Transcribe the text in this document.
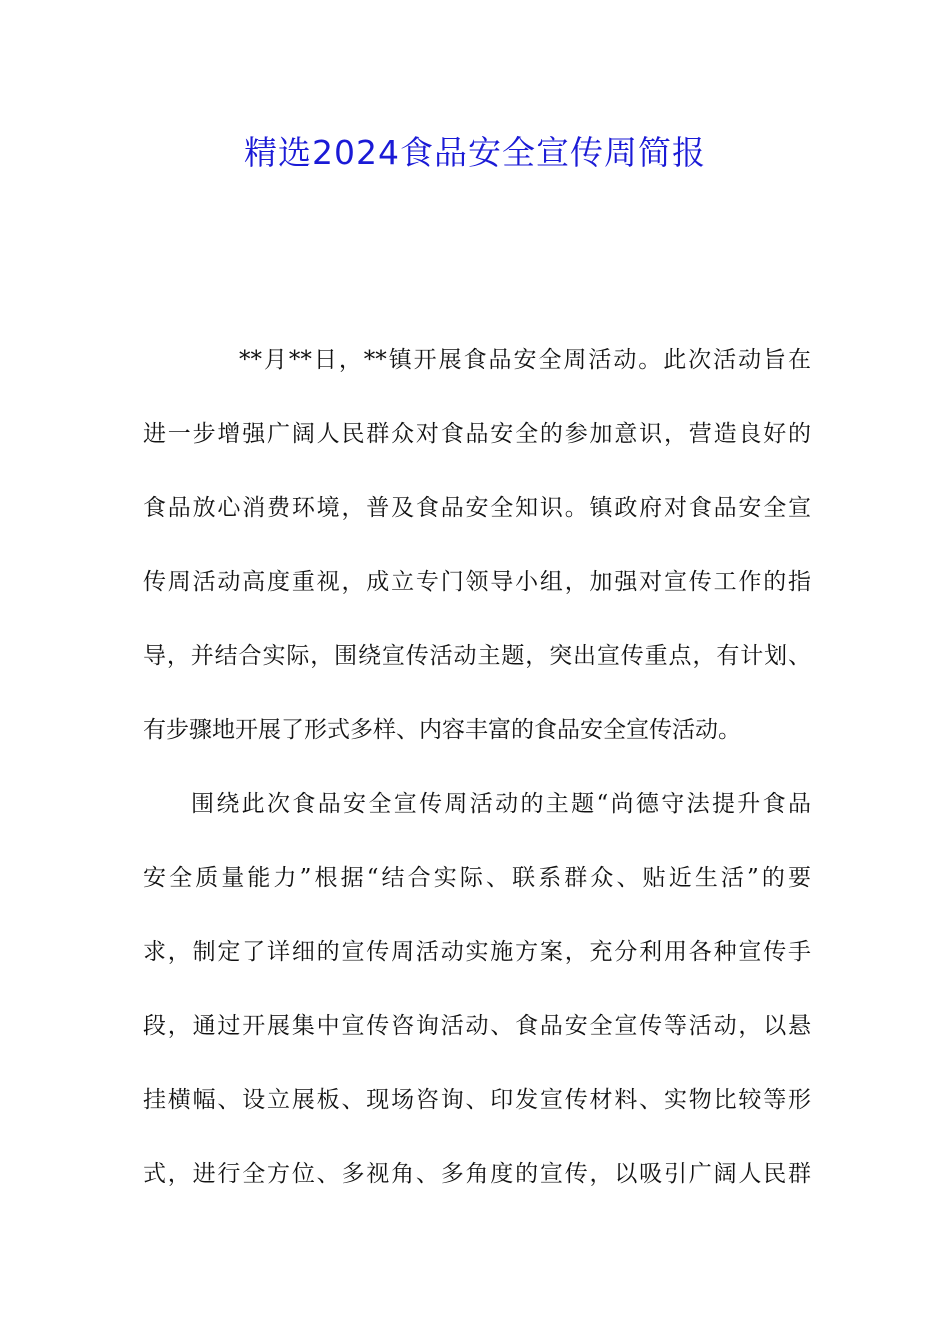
精选2024食品安全宣传周简报
**月**日，**镇开展食品安全周活动。此次活动旨在
进一步增强广阔人民群众对食品安全的参加意识，营造良好的
食品放心消费环境，普及食品安全知识。镇政府对食品安全宣
传周活动高度重视，成立专门领导小组，加强对宣传工作的指
导，并结合实际，围绕宣传活动主题，突出宣传重点，有计划、
有步骤地开展了形式多样、内容丰富的食品安全宣传活动。
围绕此次食品安全宣传周活动的主题“尚德守法提升食品
安全质量能力”根据“结合实际、联系群众、贴近生活”的要
求，制定了详细的宣传周活动实施方案，充分利用各种宣传手
段，通过开展集中宣传咨询活动、食品安全宣传等活动，以悬
挂横幅、设立展板、现场咨询、印发宣传材料、实物比较等形
式，进行全方位、多视角、多角度的宣传，以吸引广阔人民群
